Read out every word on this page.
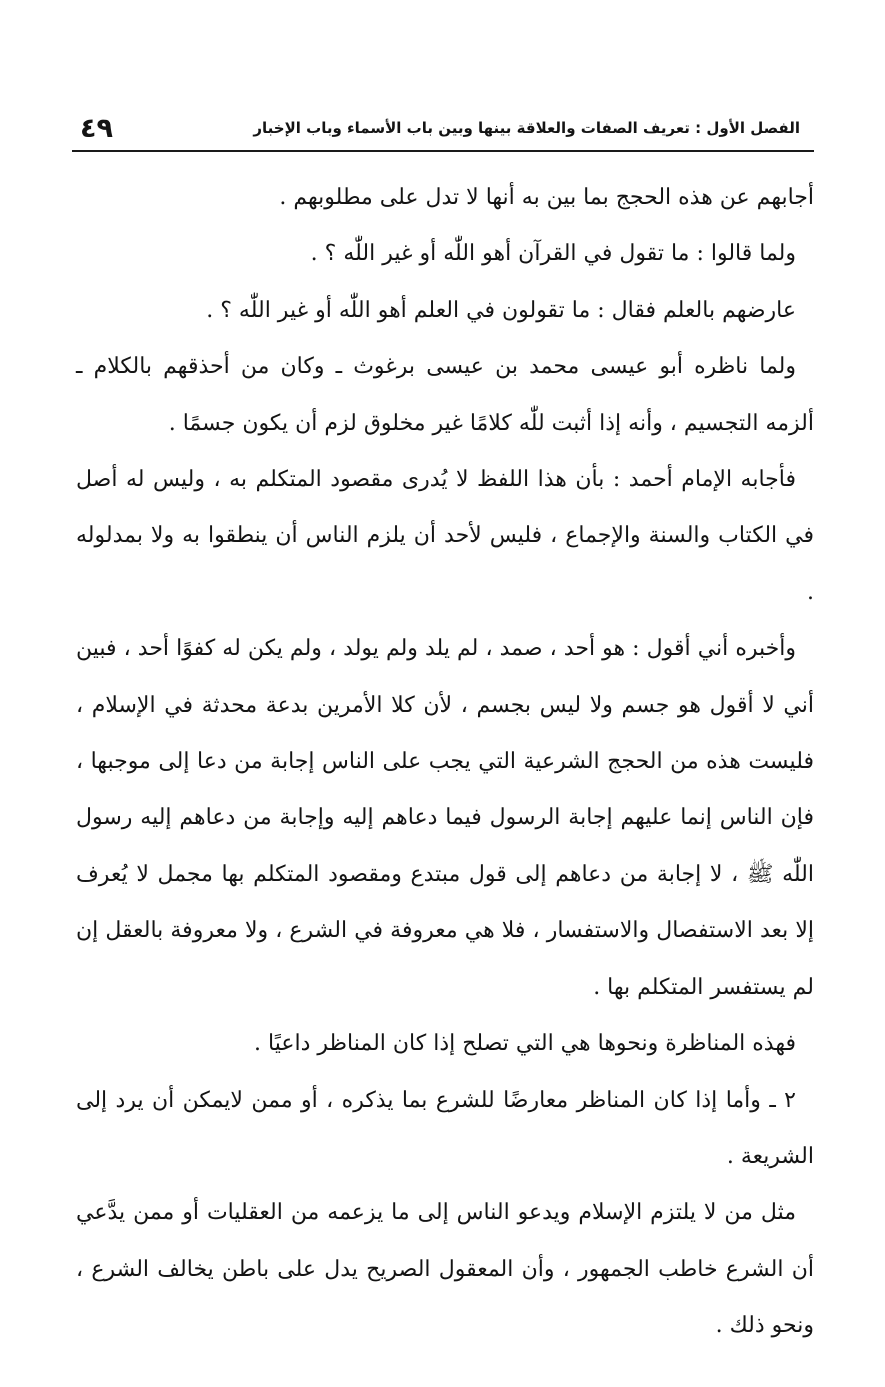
٤٩	الفصل الأول : تعريف الصفات والعلاقة بينها وبين باب الأسماء وباب الإخبار

أجابهم عن هذه الحجج بما بين به أنها لا تدل على مطلوبهم .

ولما قالوا : ما تقول في القرآن أهو اللّٰه أو غير اللّٰه ؟ .

عارضهم بالعلم فقال : ما تقولون في العلم أهو اللّٰه أو غير اللّٰه ؟ .

ولما ناظره أبو عيسى محمد بن عيسى برغوث ـ وكان من أحذقهم بالكلام ـ ألزمه التجسيم ، وأنه إذا أثبت للّٰه كلامًا غير مخلوق لزم أن يكون جسمًا .

فأجابه الإمام أحمد : بأن هذا اللفظ لا يُدرى مقصود المتكلم به ، وليس له أصل في الكتاب والسنة والإجماع ، فليس لأحد أن يلزم الناس أن ينطقوا به ولا بمدلوله .

وأخبره أني أقول : هو أحد ، صمد ، لم يلد ولم يولد ، ولم يكن له كفوًا أحد ، فبين أني لا أقول هو جسم ولا ليس بجسم ، لأن كلا الأمرين بدعة محدثة في الإسلام ، فليست هذه من الحجج الشرعية التي يجب على الناس إجابة من دعا إلى موجبها ، فإن الناس إنما عليهم إجابة الرسول فيما دعاهم إليه وإجابة من دعاهم إليه رسول اللّٰه ﷺ ، لا إجابة من دعاهم إلى قول مبتدع ومقصود المتكلم بها مجمل لا يُعرف إلا بعد الاستفصال والاستفسار ، فلا هي معروفة في الشرع ، ولا معروفة بالعقل إن لم يستفسر المتكلم بها .

فهذه المناظرة ونحوها هي التي تصلح إذا كان المناظر داعيًا .

٢ ـ وأما إذا كان المناظر معارضًا للشرع بما يذكره ، أو ممن لايمكن أن يرد إلى الشريعة .

مثل من لا يلتزم الإسلام ويدعو الناس إلى ما يزعمه من العقليات أو ممن يدَّعي أن الشرع خاطب الجمهور ، وأن المعقول الصريح يدل على باطن يخالف الشرع ، ونحو ذلك .
